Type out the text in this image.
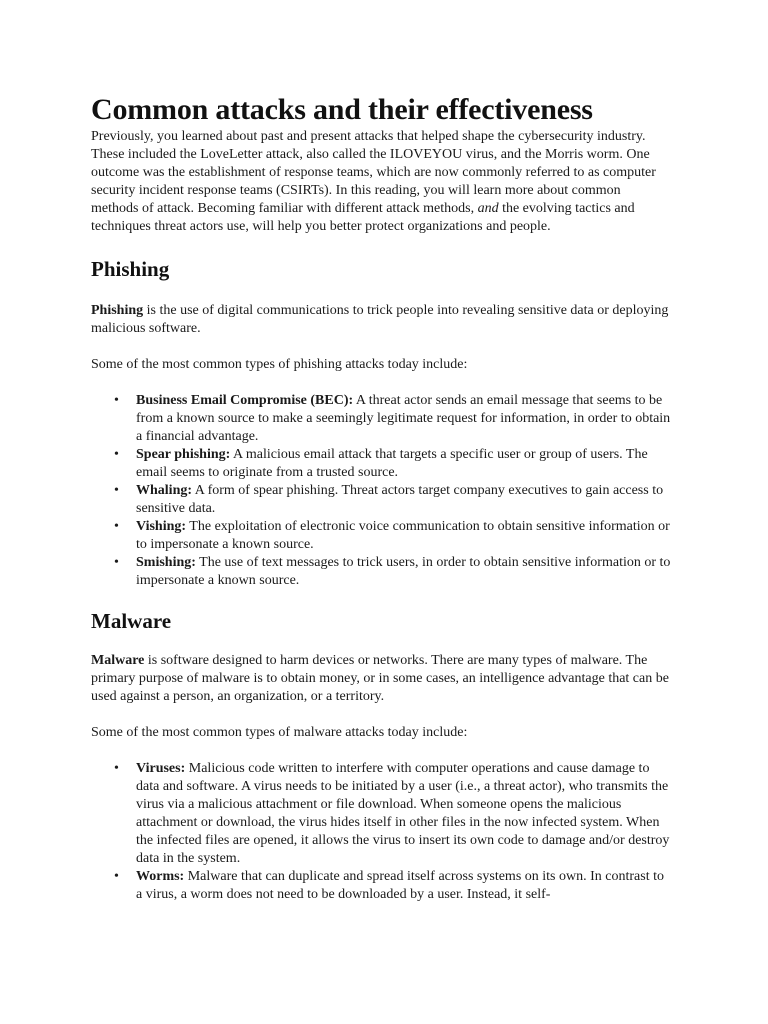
Common attacks and their effectiveness

Previously, you learned about past and present attacks that helped shape the cybersecurity industry. These included the LoveLetter attack, also called the ILOVEYOU virus, and the Morris worm. One outcome was the establishment of response teams, which are now commonly referred to as computer security incident response teams (CSIRTs). In this reading, you will learn more about common methods of attack. Becoming familiar with different attack methods, and the evolving tactics and techniques threat actors use, will help you better protect organizations and people.

Phishing

Phishing is the use of digital communications to trick people into revealing sensitive data or deploying malicious software.

Some of the most common types of phishing attacks today include:

• Business Email Compromise (BEC): A threat actor sends an email message that seems to be from a known source to make a seemingly legitimate request for information, in order to obtain a financial advantage.
• Spear phishing: A malicious email attack that targets a specific user or group of users. The email seems to originate from a trusted source.
• Whaling: A form of spear phishing. Threat actors target company executives to gain access to sensitive data.
• Vishing: The exploitation of electronic voice communication to obtain sensitive information or to impersonate a known source.
• Smishing: The use of text messages to trick users, in order to obtain sensitive information or to impersonate a known source.
Malware

Malware is software designed to harm devices or networks. There are many types of malware. The primary purpose of malware is to obtain money, or in some cases, an intelligence advantage that can be used against a person, an organization, or a territory.

Some of the most common types of malware attacks today include:

• Viruses: Malicious code written to interfere with computer operations and cause damage to data and software. A virus needs to be initiated by a user (i.e., a threat actor), who transmits the virus via a malicious attachment or file download. When someone opens the malicious attachment or download, the virus hides itself in other files in the now infected system. When the infected files are opened, it allows the virus to insert its own code to damage and/or destroy data in the system.
• Worms: Malware that can duplicate and spread itself across systems on its own. In contrast to a virus, a worm does not need to be downloaded by a user. Instead, it self-
